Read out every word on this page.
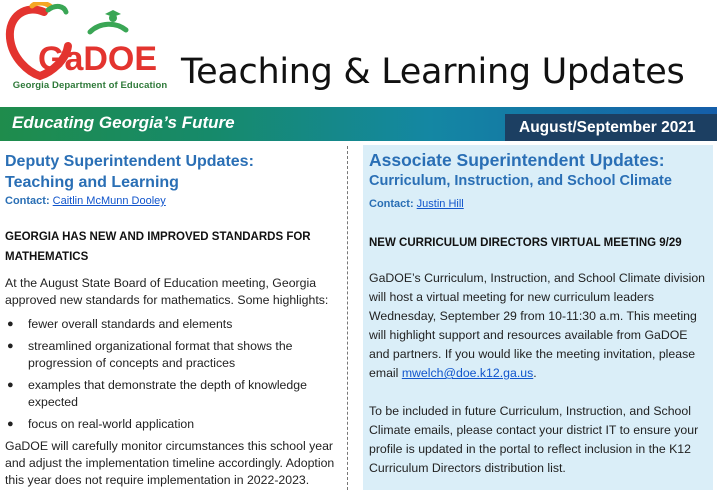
GaDOE
Georgia Department of Education Teaching & Learning Updates
Educating Georgia’s Future	August/September 2021
Deputy Superintendent Updates:
Teaching and Learning
Contact: Caitlin McMunn Dooley
GEORGIA HAS NEW AND IMPROVED STANDARDS FOR
MATHEMATICS

At the August State Board of Education meeting, Georgia approved new standards for mathematics. Some highlights:

● fewer overall standards and elements
● streamlined organizational format that shows the progression of concepts and practices
● examples that demonstrate the depth of knowledge expected
● focus on real-world application

GaDOE will carefully monitor circumstances this school year and adjust the implementation timeline accordingly. Adoption this year does not require implementation in 2022-2023.

Associate Superintendent Updates:
Curriculum, Instruction, and School Climate
Contact: Justin Hill
NEW CURRICULUM DIRECTORS VIRTUAL MEETING 9/29

GaDOE’s Curriculum, Instruction, and School Climate division will host a virtual meeting for new curriculum leaders Wednesday, September 29 from 10-11:30 a.m. This meeting will highlight support and resources available from GaDOE and partners. If you would like the meeting invitation, please email mwelch@doe.k12.ga.us.

To be included in future Curriculum, Instruction, and School Climate emails, please contact your district IT to ensure your profile is updated in the portal to reflect inclusion in the K12 Curriculum Directors distribution list.
